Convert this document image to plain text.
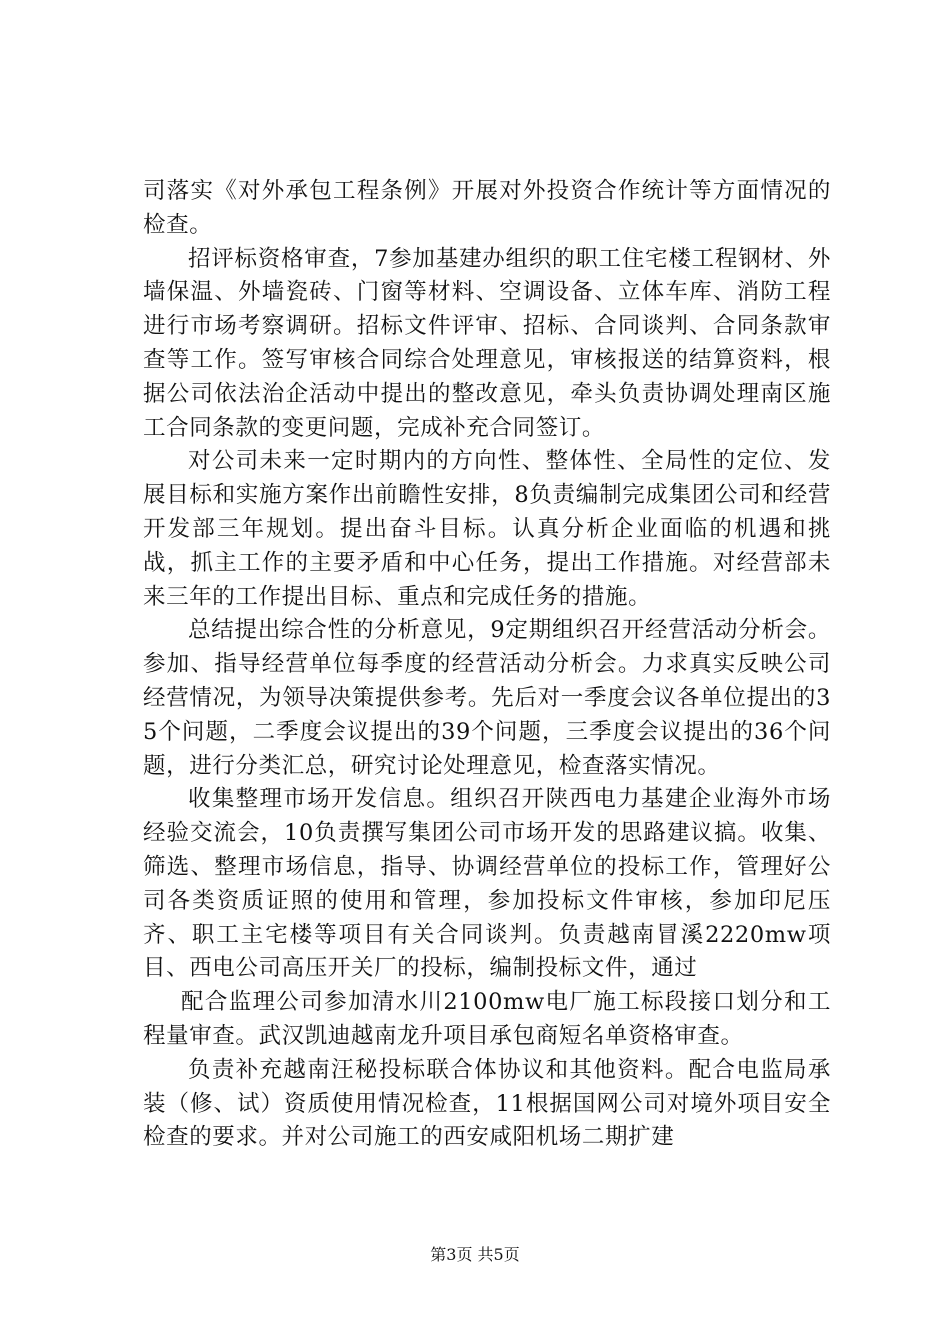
司落实《对外承包工程条例》开展对外投资合作统计等方面情况的检查。

招评标资格审查，7参加基建办组织的职工住宅楼工程钢材、外墙保温、外墙瓷砖、门窗等材料、空调设备、立体车库、消防工程进行市场考察调研。招标文件评审、招标、合同谈判、合同条款审查等工作。签写审核合同综合处理意见，审核报送的结算资料，根据公司依法治企活动中提出的整改意见，牵头负责协调处理南区施工合同条款的变更问题，完成补充合同签订。

对公司未来一定时期内的方向性、整体性、全局性的定位、发展目标和实施方案作出前瞻性安排，8负责编制完成集团公司和经营开发部三年规划。提出奋斗目标。认真分析企业面临的机遇和挑战，抓主工作的主要矛盾和中心任务，提出工作措施。对经营部未来三年的工作提出目标、重点和完成任务的措施。

总结提出综合性的分析意见，9定期组织召开经营活动分析会。参加、指导经营单位每季度的经营活动分析会。力求真实反映公司经营情况，为领导决策提供参考。先后对一季度会议各单位提出的35个问题，二季度会议提出的39个问题，三季度会议提出的36个问题，进行分类汇总，研究讨论处理意见，检查落实情况。

收集整理市场开发信息。组织召开陕西电力基建企业海外市场经验交流会，10负责撰写集团公司市场开发的思路建议搞。收集、筛选、整理市场信息，指导、协调经营单位的投标工作，管理好公司各类资质证照的使用和管理，参加投标文件审核，参加印尼压齐、职工主宅楼等项目有关合同谈判。负责越南冒溪2220mw项目、西电公司高压开关厂的投标，编制投标文件，通过

配合监理公司参加清水川2100mw电厂施工标段接口划分和工程量审查。武汉凯迪越南龙升项目承包商短名单资格审查。

负责补充越南汪秘投标联合体协议和其他资料。配合电监局承装（修、试）资质使用情况检查，11根据国网公司对境外项目安全检查的要求。并对公司施工的西安咸阳机场二期扩建

第3页 共5页
